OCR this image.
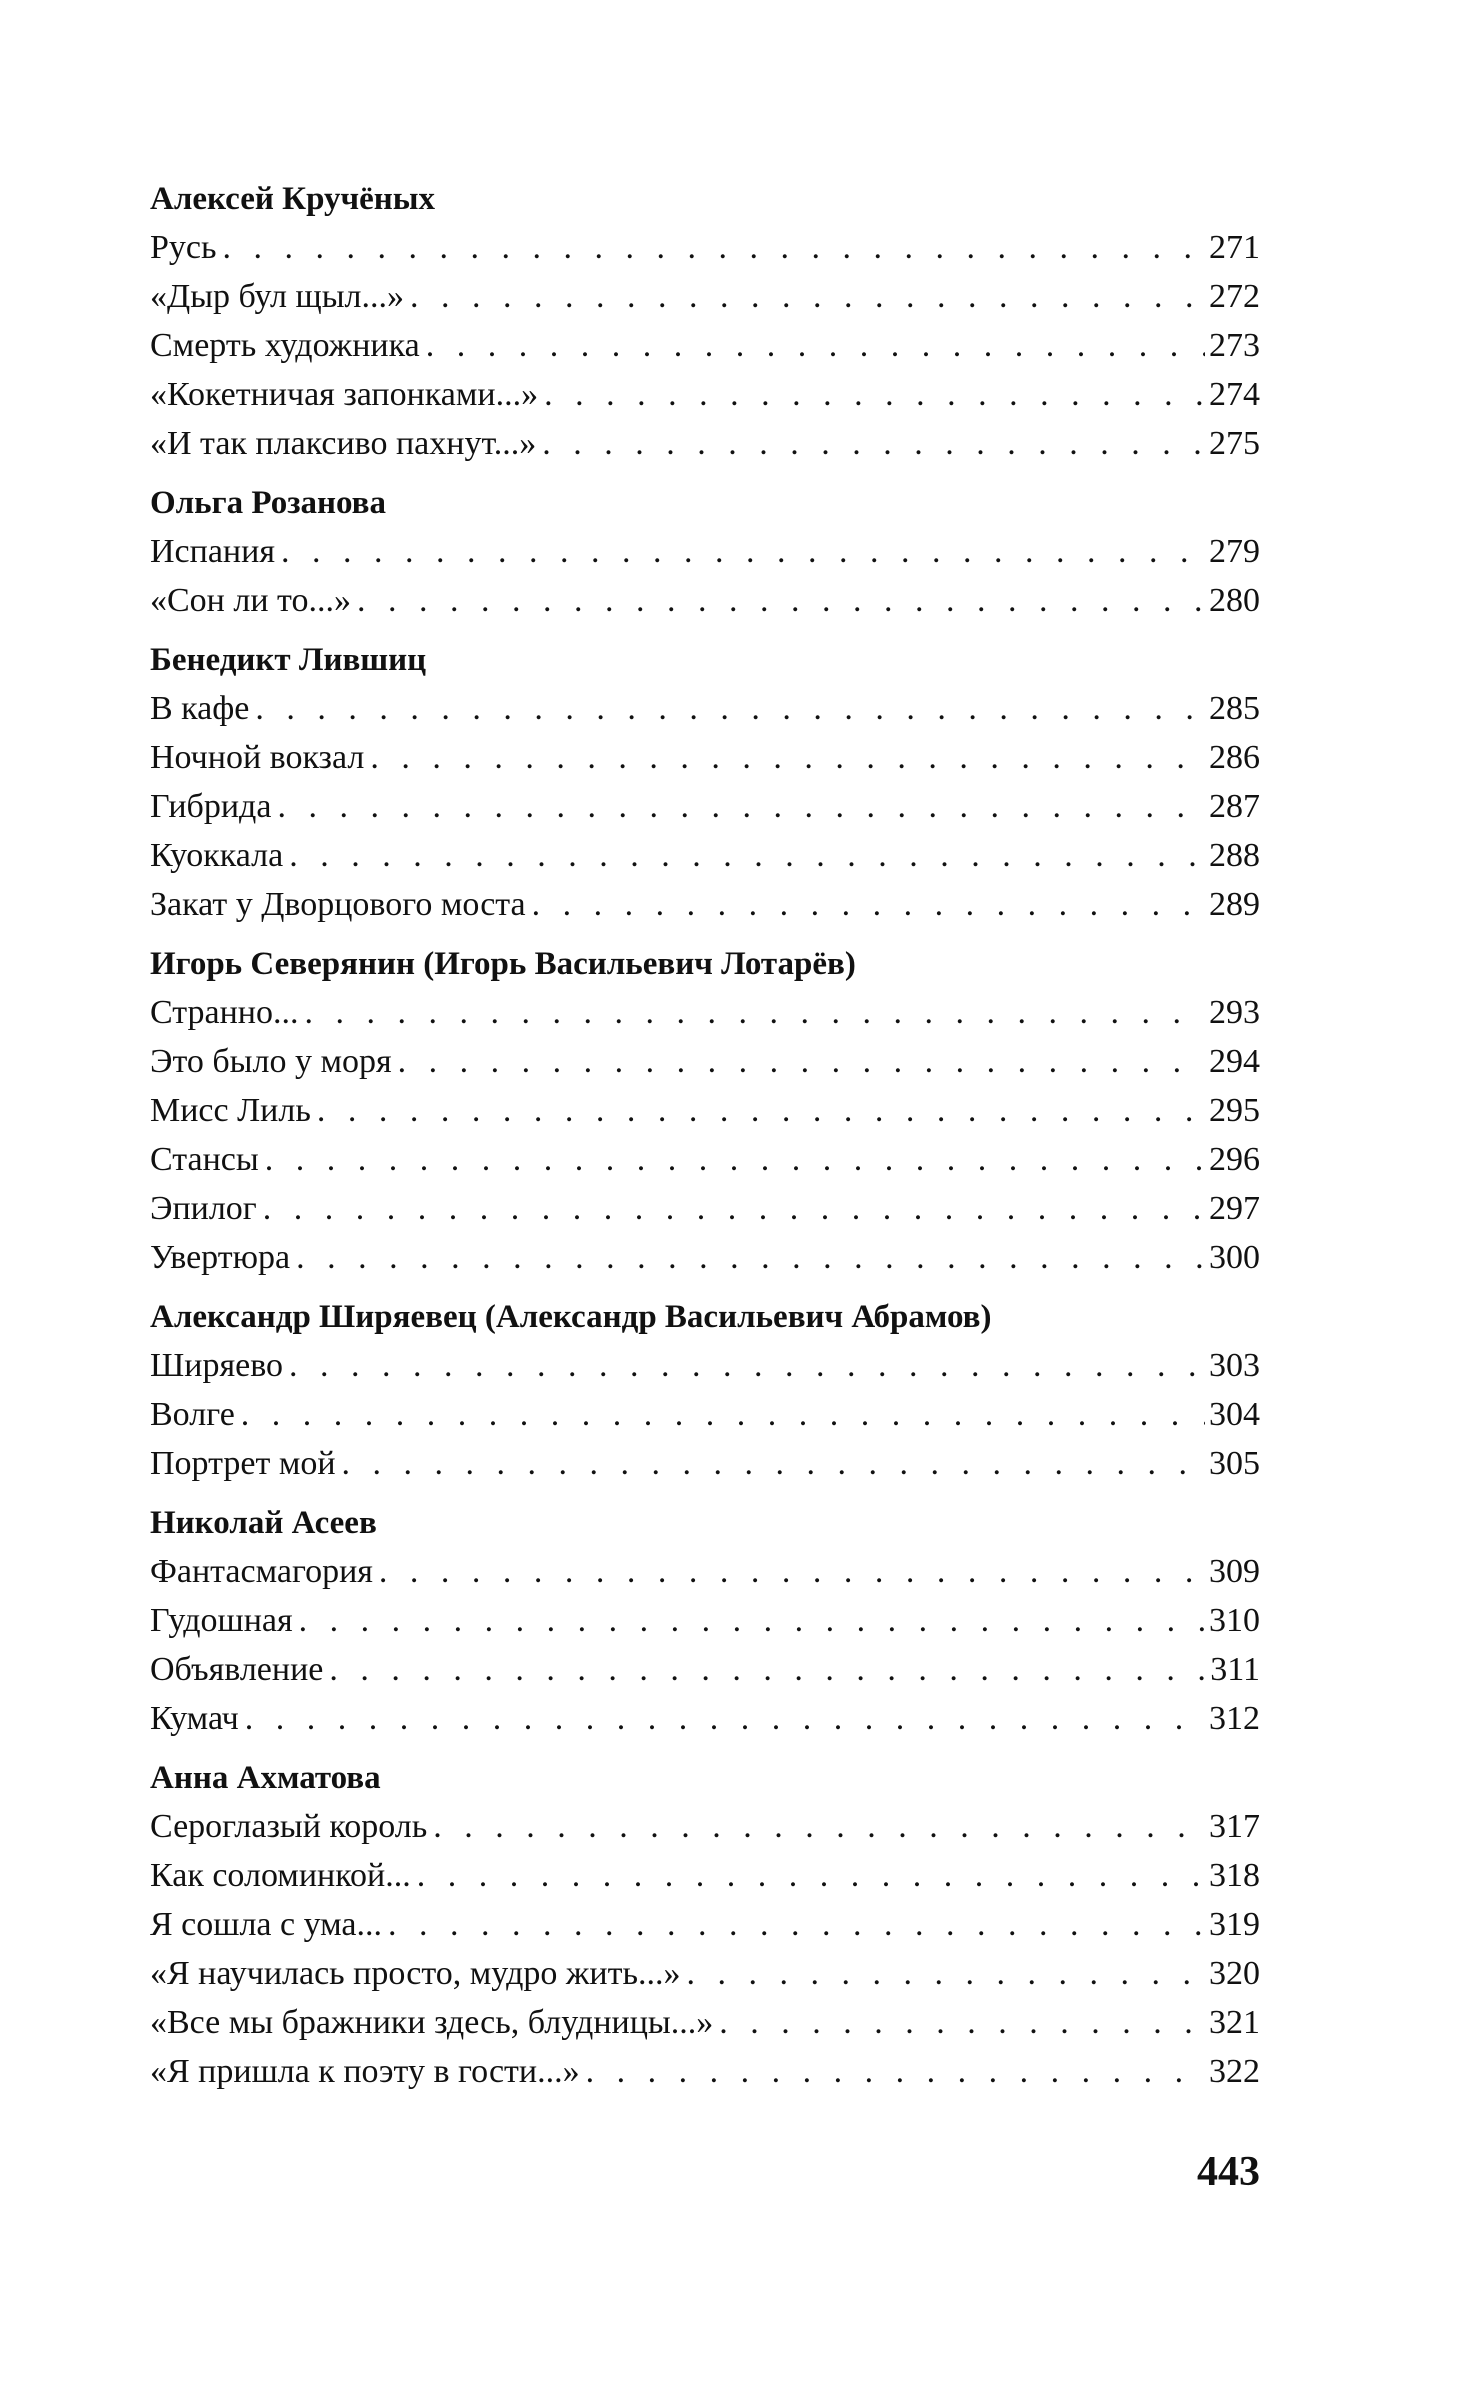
Алексей Кручёных
Русь . . .	271
«Дыр бул щыл...» . . .	272
Смерть художника . . .	273
«Кокетничая запонками...» . . .	274
«И так плаксиво пахнут...» . . .	275
Ольга Розанова
Испания . . .	279
«Сон ли то...» . . .	280
Бенедикт Лившиц
В кафе . . .	285
Ночной вокзал . . .	286
Гибрида . . .	287
Куоккала . . .	288
Закат у Дворцового моста . . .	289
Игорь Северянин (Игорь Васильевич Лотарёв)
Странно... . . .	293
Это было у моря . . .	294
Мисс Лиль . . .	295
Стансы . . .	296
Эпилог . . .	297
Увертюра . . .	300
Александр Ширяевец (Александр Васильевич Абрамов)
Ширяево . . .	303
Волге . . .	304
Портрет мой . . .	305
Николай Асеев
Фантасмагория . . .	309
Гудошная . . .	310
Объявление . . .	311
Кумач . . .	312
Анна Ахматова
Сероглазый король . . .	317
Как соломинкой... . . .	318
Я сошла с ума... . . .	319
«Я научилась просто, мудро жить...» . . .	320
«Все мы бражники здесь, блудницы...» . . .	321
«Я пришла к поэту в гости...» . . .	322
443
